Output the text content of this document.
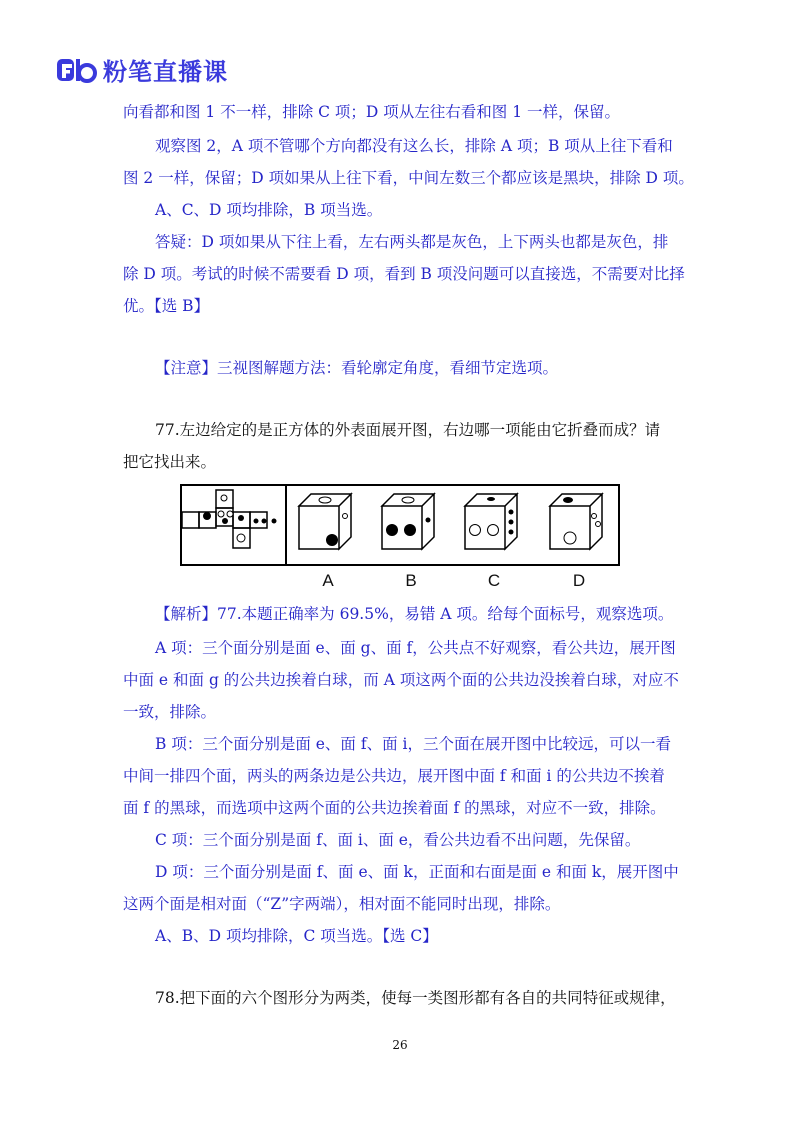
粉笔直播课
向看都和图 1 不一样，排除 C 项；D 项从左往右看和图 1 一样，保留。
观察图 2，A 项不管哪个方向都没有这么长，排除 A 项；B 项从上往下看和
图 2 一样，保留；D 项如果从上往下看，中间左数三个都应该是黑块，排除 D 项。
A、C、D 项均排除，B 项当选。
答疑：D 项如果从下往上看，左右两头都是灰色，上下两头也都是灰色，排
除 D 项。考试的时候不需要看 D 项，看到 B 项没问题可以直接选，不需要对比择
优。【选 B】
【注意】三视图解题方法：看轮廓定角度，看细节定选项。
77.左边给定的是正方体的外表面展开图，右边哪一项能由它折叠而成？请
把它找出来。
A	B	C	D
【解析】77.本题正确率为 69.5%，易错 A 项。给每个面标号，观察选项。
A 项：三个面分别是面 e、面 g、面 f，公共点不好观察，看公共边，展开图
中面 e 和面 g 的公共边挨着白球，而 A 项这两个面的公共边没挨着白球，对应不
一致，排除。
B 项：三个面分别是面 e、面 f、面 i，三个面在展开图中比较远，可以一看
中间一排四个面，两头的两条边是公共边，展开图中面 f 和面 i 的公共边不挨着
面 f 的黑球，而选项中这两个面的公共边挨着面 f 的黑球，对应不一致，排除。
C 项：三个面分别是面 f、面 i、面 e，看公共边看不出问题，先保留。
D 项：三个面分别是面 f、面 e、面 k，正面和右面是面 e 和面 k，展开图中
这两个面是相对面（“Z”字两端），相对面不能同时出现，排除。
A、B、D 项均排除，C 项当选。【选 C】
78.把下面的六个图形分为两类，使每一类图形都有各自的共同特征或规律，
26
